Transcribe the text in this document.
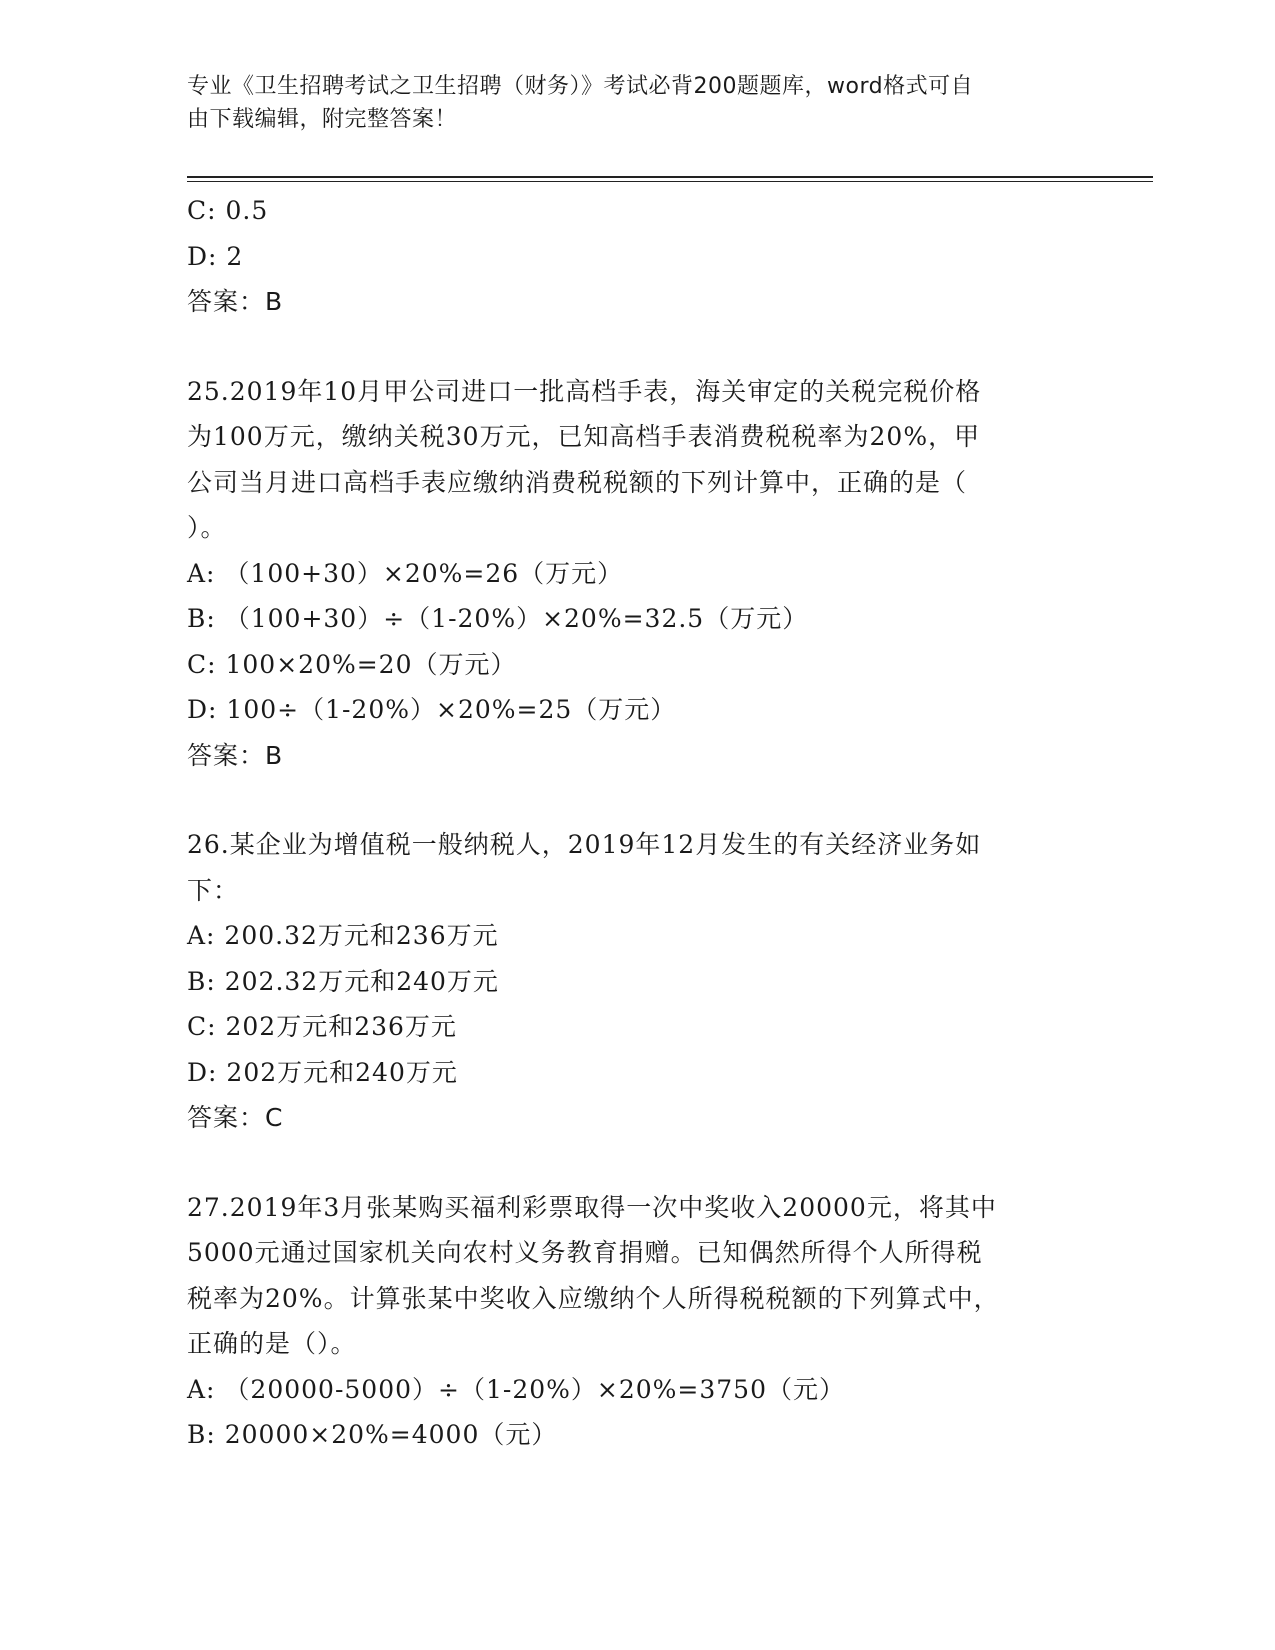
专业《卫生招聘考试之卫生招聘（财务）》考试必背200题题库，word格式可自
由下载编辑，附完整答案！
C: 0.5
D: 2
答案：B
25.2019年10月甲公司进口一批高档手表，海关审定的关税完税价格
为100万元，缴纳关税30万元，已知高档手表消费税税率为20%，甲
公司当月进口高档手表应缴纳消费税税额的下列计算中，正确的是（
）。
A: （100+30）×20%=26（万元）
B: （100+30）÷（1-20%）×20%=32.5（万元）
C: 100×20%=20（万元）
D: 100÷（1-20%）×20%=25（万元）
答案：B
26.某企业为增值税一般纳税人，2019年12月发生的有关经济业务如
下：
A: 200.32万元和236万元
B: 202.32万元和240万元
C: 202万元和236万元
D: 202万元和240万元
答案：C
27.2019年3月张某购买福利彩票取得一次中奖收入20000元，将其中
5000元通过国家机关向农村义务教育捐赠。已知偶然所得个人所得税
税率为20%。计算张某中奖收入应缴纳个人所得税税额的下列算式中，
正确的是（）。
A: （20000-5000）÷（1-20%）×20%=3750（元）
B: 20000×20%=4000（元）
